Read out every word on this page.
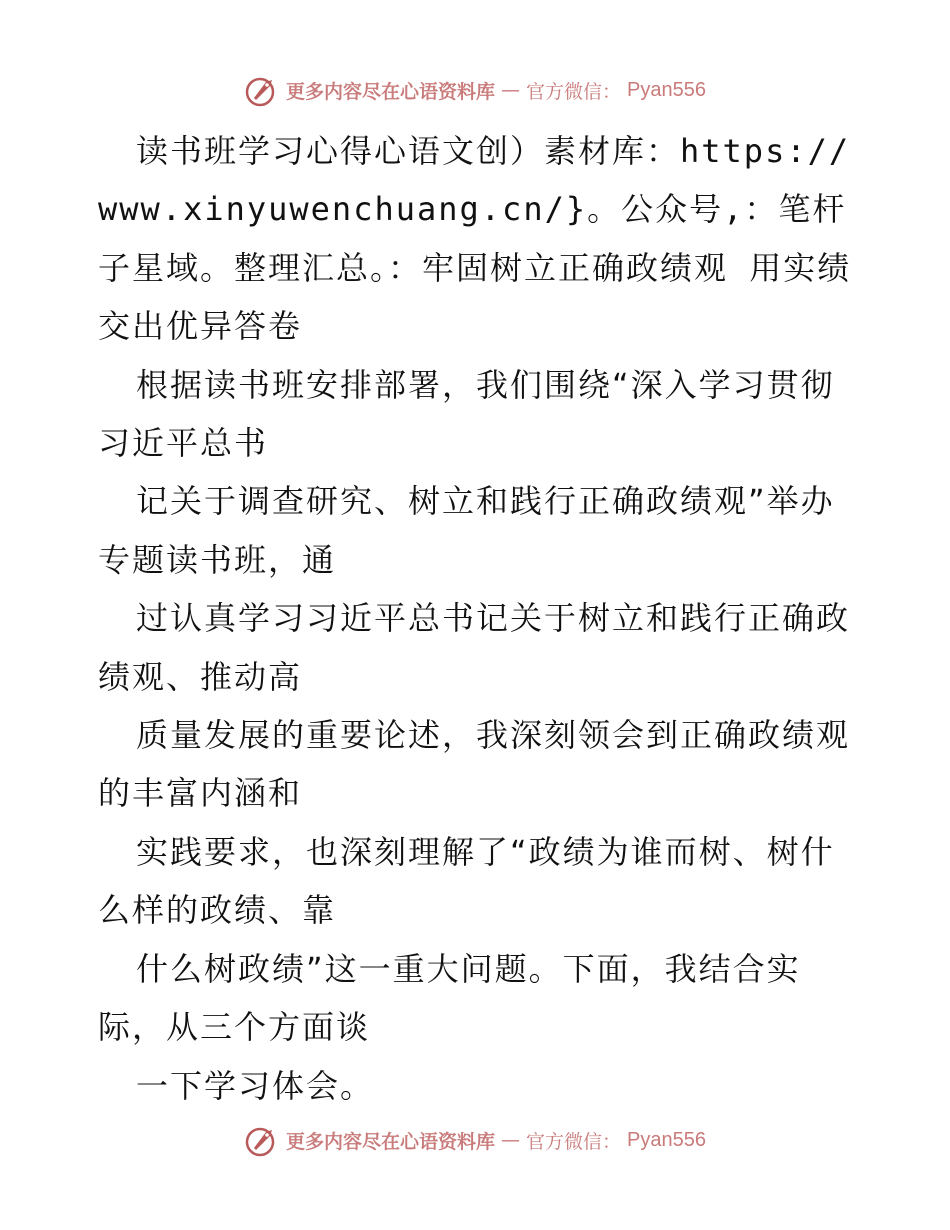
更多内容尽在心语资料库 — 官方微信： Pyan556

读书班学习心得心语文创）素材库：https://www.xinyuwenchuang.cn/}。公众号,：笔杆子星域。整理汇总。：牢固树立正确政绩观 用实绩交出优异答卷

根据读书班安排部署，我们围绕“深入学习贯彻习近平总书

记关于调查研究、树立和践行正确政绩观”举办专题读书班，通

过认真学习习近平总书记关于树立和践行正确政绩观、推动高

质量发展的重要论述，我深刻领会到正确政绩观的丰富内涵和

实践要求，也深刻理解了“政绩为谁而树、树什么样的政绩、靠

什么树政绩”这一重大问题。下面，我结合实际，从三个方面谈

一下学习体会。

更多内容尽在心语资料库 — 官方微信： Pyan556
